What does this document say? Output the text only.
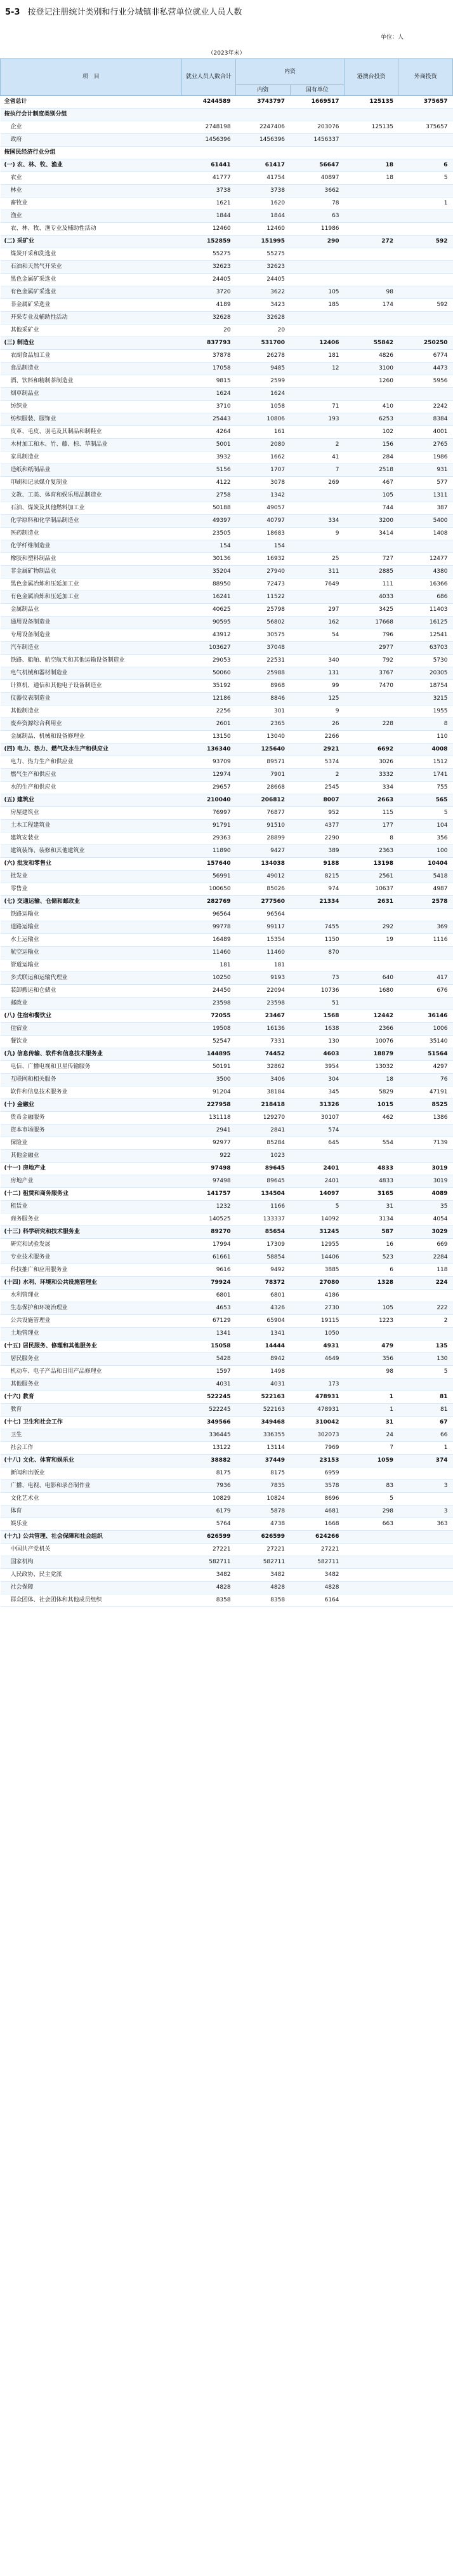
5-3 按登记注册统计类别和行业分城镇非私营单位就业人员人数
单位：人
（2023年末）
项　目	就业人员人数合计	内资		港澳台投资	外商投资
		内资	国有单位		
全省总计	4244589	3743797	1669517	125135	375657
按执行会计制度类别分组					
企业	2748198	2247406	203076	125135	375657
政府	1456396	1456396	1456337		
按国民经济行业分组					
(一) 农、林、牧、渔业	61441	61417	56647	18	6
农业	41777	41754	40897	18	5
林业	3738	3738	3662		
畜牧业	1621	1620	78		1
渔业	1844	1844	63		
农、林、牧、渔专业及辅助性活动	12460	12460	11986		
(二) 采矿业	152859	151995	290	272	592
煤炭开采和洗选业	55275	55275			
石油和天然气开采业	32623	32623			
黑色金属矿采选业	24405	24405			
有色金属矿采选业	3720	3622	105	98	
非金属矿采选业	4189	3423	185	174	592
开采专业及辅助性活动	32628	32628			
其他采矿业	20	20			
(三) 制造业	837793	531700	12406	55842	250250
农副食品加工业	37878	26278	181	4826	6774
食品制造业	17058	9485	12	3100	4473
酒、饮料和精制茶制造业	9815	2599		1260	5956
烟草制品业	1624	1624			
纺织业	3710	1058	71	410	2242
纺织服装、服饰业	25443	10806	193	6253	8384
皮革、毛皮、羽毛及其制品和制鞋业	4264	161		102	4001
木材加工和木、竹、藤、棕、草制品业	5001	2080	2	156	2765
家具制造业	3932	1662	41	284	1986
造纸和纸制品业	5156	1707	7	2518	931
印刷和记录媒介复制业	4122	3078	269	467	577
文教、工美、体育和娱乐用品制造业	2758	1342		105	1311
石油、煤炭及其他燃料加工业	50188	49057		744	387
化学原料和化学制品制造业	49397	40797	334	3200	5400
医药制造业	23505	18683	9	3414	1408
化学纤维制造业	154	154			
橡胶和塑料制品业	30136	16932	25	727	12477
非金属矿物制品业	35204	27940	311	2885	4380
黑色金属冶炼和压延加工业	88950	72473	7649	111	16366
有色金属冶炼和压延加工业	16241	11522		4033	686
金属制品业	40625	25798	297	3425	11403
通用设备制造业	90595	56802	162	17668	16125
专用设备制造业	43912	30575	54	796	12541
汽车制造业	103627	37048		2977	63703
铁路、船舶、航空航天和其他运输设备制造业	29053	22531	340	792	5730
电气机械和器材制造业	50060	25988	131	3767	20305
计算机、通信和其他电子设备制造业	35192	8968	99	7470	18754
仪器仪表制造业	12186	8846	125		3215
其他制造业	2256	301	9		1955
废弃资源综合利用业	2601	2365	26	228	8
金属制品、机械和设备修理业	13150	13040	2266		110
(四) 电力、热力、燃气及水生产和供应业	136340	125640	2921	6692	4008
电力、热力生产和供应业	93709	89571	5374	3026	1512
燃气生产和供应业	12974	7901	2	3332	1741
水的生产和供应业	29657	28668	2545	334	755
(五) 建筑业	210040	206812	8007	2663	565
房屋建筑业	76997	76877	952	115	5
土木工程建筑业	91791	91510	4377	177	104
建筑安装业	29363	28899	2290	8	356
建筑装饰、装修和其他建筑业	11890	9427	389	2363	100
(六) 批发和零售业	157640	134038	9188	13198	10404
批发业	56991	49012	8215	2561	5418
零售业	100650	85026	974	10637	4987
(七) 交通运输、仓储和邮政业	282769	277560	21334	2631	2578
铁路运输业	96564	96564			
道路运输业	99778	99117	7455	292	369
水上运输业	16489	15354	1150	19	1116
航空运输业	11460	11460	870		
管道运输业	181	181			
多式联运和运输代理业	10250	9193	73	640	417
装卸搬运和仓储业	24450	22094	10736	1680	676
邮政业	23598	23598	51		
(八) 住宿和餐饮业	72055	23467	1568	12442	36146
住宿业	19508	16136	1638	2366	1006
餐饮业	52547	7331	130	10076	35140
(九) 信息传输、软件和信息技术服务业	144895	74452	4603	18879	51564
电信、广播电视和卫星传输服务	50191	32862	3954	13032	4297
互联网和相关服务	3500	3406	304	18	76
软件和信息技术服务业	91204	38184	345	5829	47191
(十) 金融业	227958	218418	31326	1015	8525
货币金融服务	131118	129270	30107	462	1386
资本市场服务	2941	2841	574		
保险业	92977	85284	645	554	7139
其他金融业	922	1023			
(十一) 房地产业	97498	89645	2401	4833	3019
房地产业	97498	89645	2401	4833	3019
(十二) 租赁和商务服务业	141757	134504	14097	3165	4089
租赁业	1232	1166	5	31	35
商务服务业	140525	133337	14092	3134	4054
(十三) 科学研究和技术服务业	89270	85654	31245	587	3029
研究和试验发展	17994	17309	12955	16	669
专业技术服务业	61661	58854	14406	523	2284
科技推广和应用服务业	9616	9492	3885	6	118
(十四) 水利、环境和公共设施管理业	79924	78372	27080	1328	224
水利管理业	6801	6801	4186		
生态保护和环境治理业	4653	4326	2730	105	222
公共设施管理业	67129	65904	19115	1223	2
土地管理业	1341	1341	1050		
(十五) 居民服务、修理和其他服务业	15058	14444	4931	479	135
居民服务业	5428	8942	4649	356	130
机动车、电子产品和日用产品修理业	1597	1498		98	5
其他服务业	4031	4031	173		
(十六) 教育	522245	522163	478931	1	81
教育	522245	522163	478931	1	81
(十七) 卫生和社会工作	349566	349468	310042	31	67
卫生	336445	336355	302073	24	66
社会工作	13122	13114	7969	7	1
(十八) 文化、体育和娱乐业	38882	37449	23153	1059	374
新闻和出版业	8175	8175	6959		
广播、电视、电影和录音制作业	7936	7835	3578	83	3
文化艺术业	10829	10824	8696	5	
体育	6179	5878	4681	298	3
娱乐业	5764	4738	1668	663	363
(十九) 公共管理、社会保障和社会组织	626599	626599	624266		
中国共产党机关	27221	27221	27221		
国家机构	582711	582711	582711		
人民政协、民主党派	3482	3482	3482		
社会保障	4828	4828	4828		
群众团体、社会团体和其他成员组织	8358	8358	6164		
